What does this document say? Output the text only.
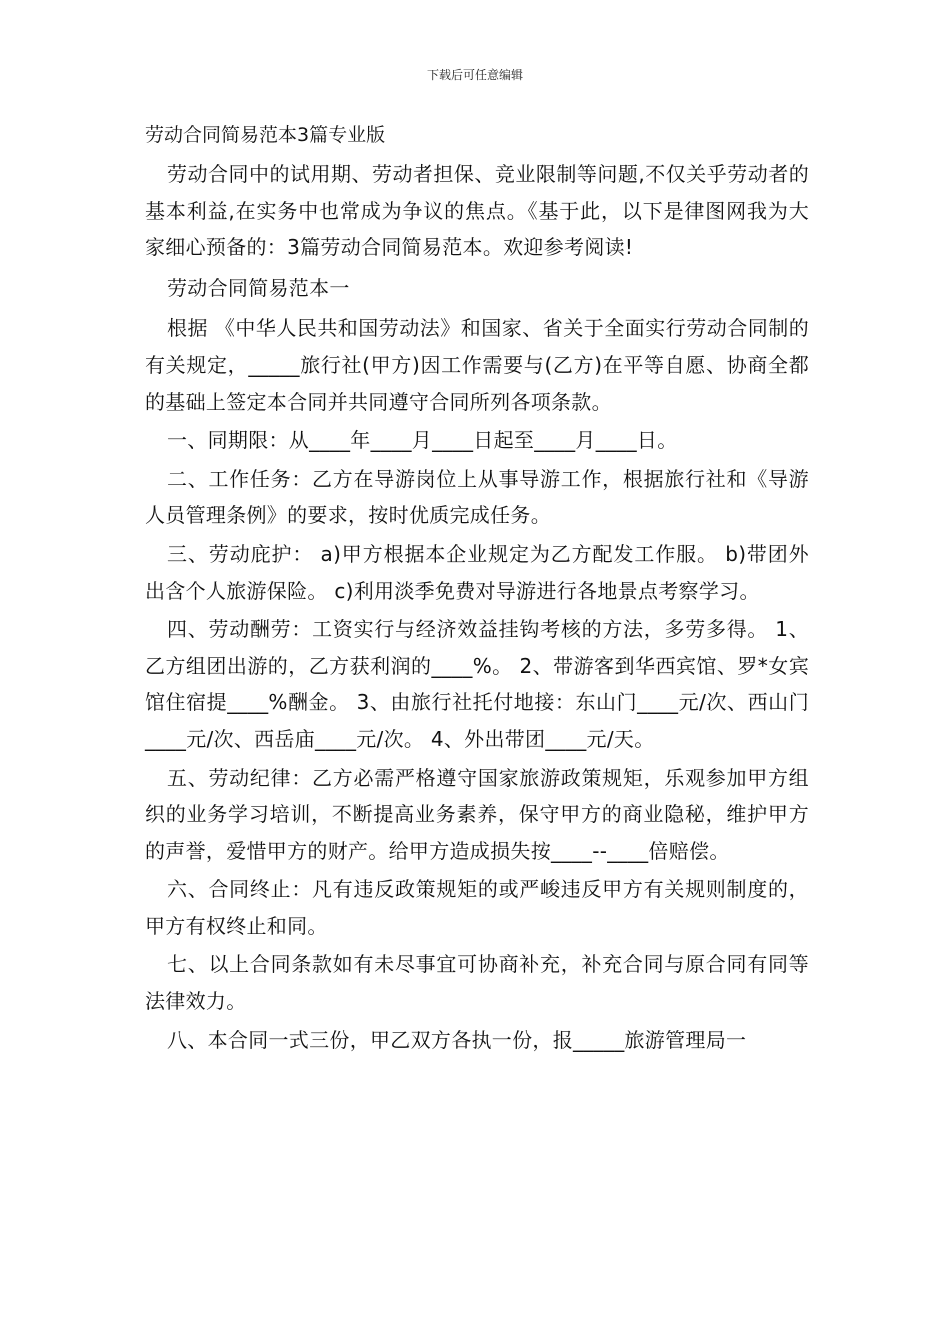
下载后可任意编辑
劳动合同简易范本3篇专业版

劳动合同中的试用期、劳动者担保、竞业限制等问题,不仅关乎劳动者的基本利益,在实务中也常成为争议的焦点。《基于此，以下是律图网我为大家细心预备的：3篇劳动合同简易范本。欢迎参考阅读!

劳动合同简易范本一

根据 《中华人民共和国劳动法》和国家、省关于全面实行劳动合同制的有关规定，_____旅行社(甲方)因工作需要与(乙方)在平等自愿、协商全都的基础上签定本合同并共同遵守合同所列各项条款。

一、同期限：从____年____月____日起至____月____日。

二、工作任务：乙方在导游岗位上从事导游工作，根据旅行社和《导游人员管理条例》的要求，按时优质完成任务。

三、劳动庇护： a)甲方根据本企业规定为乙方配发工作服。 b)带团外出含个人旅游保险。 c)利用淡季免费对导游进行各地景点考察学习。

四、劳动酬劳：工资实行与经济效益挂钩考核的方法，多劳多得。 1、乙方组团出游的，乙方获利润的____%。 2、带游客到华西宾馆、罗*女宾馆住宿提____%酬金。 3、由旅行社托付地接：东山门____元/次、西山门____元/次、西岳庙____元/次。 4、外出带团____元/天。

五、劳动纪律：乙方必需严格遵守国家旅游政策规矩，乐观参加甲方组织的业务学习培训，不断提高业务素养，保守甲方的商业隐秘，维护甲方的声誉，爱惜甲方的财产。给甲方造成损失按____--____倍赔偿。

六、合同终止：凡有违反政策规矩的或严峻违反甲方有关规则制度的，甲方有权终止和同。

七、以上合同条款如有未尽事宜可协商补充，补充合同与原合同有同等法律效力。

八、本合同一式三份，甲乙双方各执一份，报_____旅游管理局一
